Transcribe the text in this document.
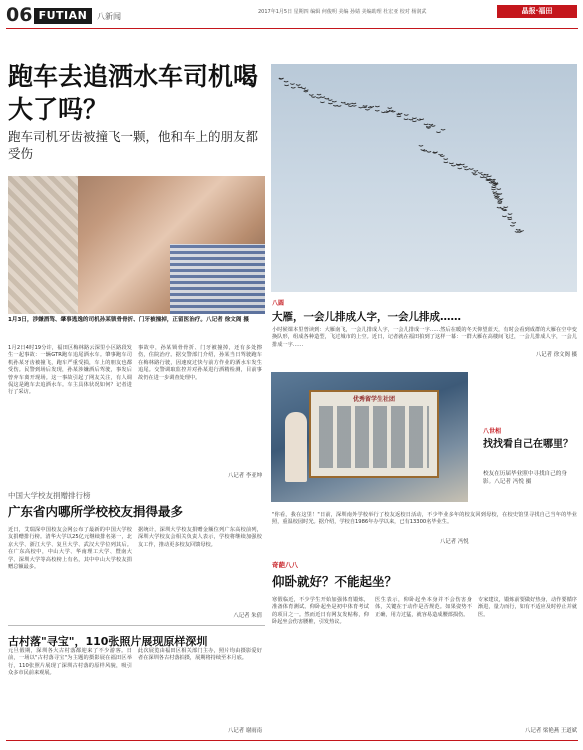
06 FUTIAN	八新闻	2017年1月5日 星期四 编辑 何俊明 美编 孙婧 美编助理 杜宏亚 校对 杨润武	晶报·福田
跑车去追洒水车司机喝大了吗？
跑车司机牙齿被撞飞一颗，他和车上的朋友都受伤
1月3日，涉嫌酒驾、肇事逃逸的司机孙某锁骨骨折、门牙被撞掉，正留医治疗。八记者 徐文阁 摄
1月2日4时19分许，福田区梅林路云深里小区路段发生一起事故：一辆GTR跑车追尾洒水车。肇事跑车司机孙某牙齿被撞飞，跑车严重受损，车上的朋友也都受伤。民警到场后发现，孙某涉嫌酒后驾驶，事发后曾弃车离开现场。这一事故引起了网友关注，有人调侃这是跑车去追洒水车。车主具体状况如何？记者进行了采访。
事故中，孙某锁骨骨折、门牙被撞掉，还有多处擦伤，住院治疗。据交警部门介绍，孙某当日驾驶跑车在梅林路行驶，因速度过快与前方作业的洒水车发生追尾。交警调取监控并对孙某进行酒精检测，目前事故仍在进一步调查处理中。
八记者 李亚坤
八圆
大雁，一会儿排成人字，一会儿排成……
小时候课本里曾读到：大雁南飞，一会儿排成人字，一会儿排成一字……然后在暖的冬天仰望蓝天，有时会看到成群的大雁在空中变换队形，组成各种造型，飞过城市的上空。近日，记者就在福田拍到了这样一幕：一群大雁在高楼间飞过，一会儿排成人字，一会儿排成一字……
八记者 徐文阁 摄
优秀留学生社团
八世相
找找看自己在哪里？
校友在历届毕业照中寻找自己的身影。八记者 冯悦 摄
"你看，我在这里！"日前，深圳南外学校举行了校友返校日活动，不少毕业多年的校友回到母校，在校史馆里寻找自己当年的毕业照，重温校园时光。据介绍，学校自1986年办学以来，已有13300名毕业生。
八记者 冯悦
中国大学校友捐赠排行榜
广东省内哪所学校校友捐得最多
近日，艾瑞深中国校友会网公布了最新的中国大学校友捐赠排行榜。清华大学以25亿元继续排名第一，北京大学、浙江大学、复旦大学、武汉大学位列其后。在广东高校中，中山大学、华南理工大学、暨南大学、深圳大学等高校榜上有名，其中中山大学校友捐赠总额最多。
据统计，深圳大学校友捐赠金额位列广东高校前列，深圳大学校友会相关负责人表示，学校将继续加强校友工作，推动更多校友回馈母校。
八记者 朱倩
古村落"寻宝"，110张照片展现原样深圳
元旦假期，深圳各大古村落都迎来了不少游客。日前，一场以"古村落寻宝"为主题的摄影展在福田区举行，110张照片展现了深圳古村落的原样风貌，吸引众多市民前来观展。
此次展览由福田区相关部门主办，照片均由摄影爱好者在深圳各古村落拍摄，展期将持续至本月底。
八记者 谢雨南
奇葩八八
仰卧就好？不能起坐？
寒假临近，不少学生开始加强体育锻炼，准备体育测试。仰卧起坐是初中体育考试的项目之一。然而近日有网友发帖称，仰卧起坐会伤害腰椎，引发热议。
医生表示，仰卧起坐本身并不会伤害身体，关键在于动作是否规范。如果姿势不正确，用力过猛，就容易造成腰部损伤。
专家建议，锻炼前要做好热身，动作要循序渐进，量力而行，如有不适应及时停止并就医。
八记者 梁艳燕 王道斌
